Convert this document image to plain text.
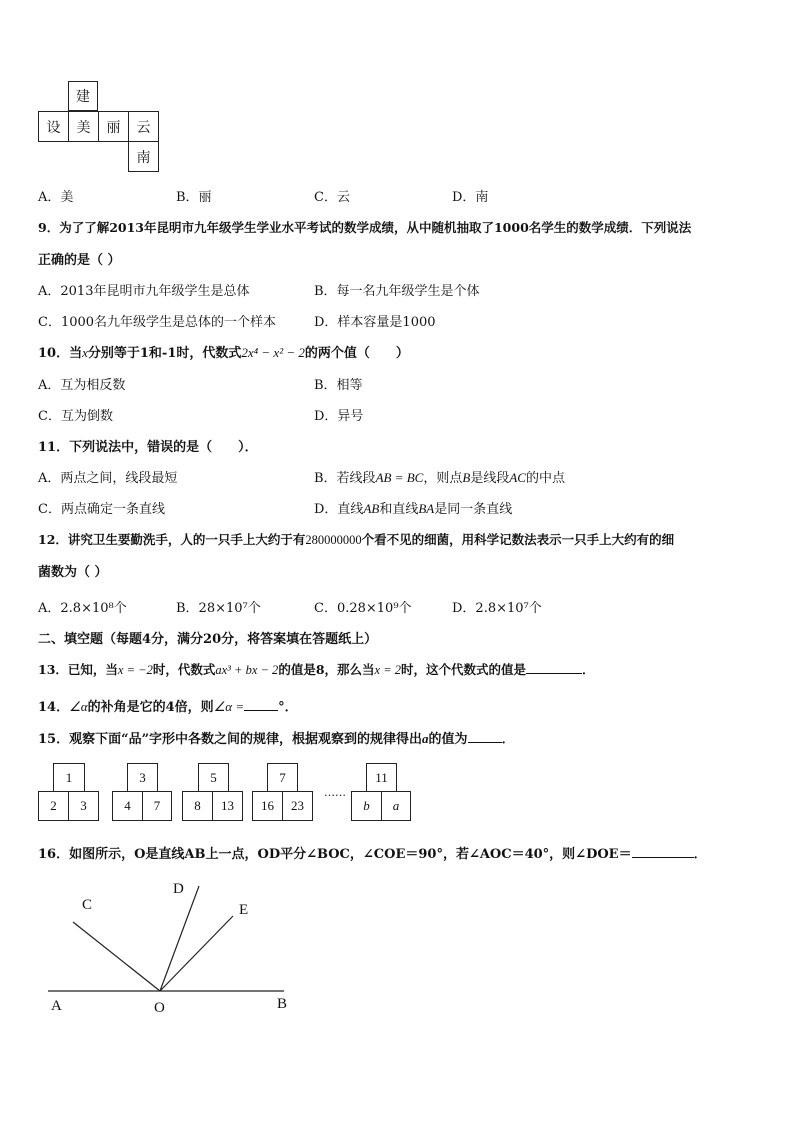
建
设	美	丽	云
南
A．美	B．丽	C．云	D．南
9．为了了解2013年昆明市九年级学生学业水平考试的数学成绩，从中随机抽取了1000名学生的数学成绩．下列说法
正确的是（ ）
A．2013年昆明市九年级学生是总体	B．每一名九年级学生是个体
C．1000名九年级学生是总体的一个样本	D．样本容量是1000
10．当x分别等于1和-1时，代数式2x⁴ − x² − 2的两个值（　　）
A．互为相反数	B．相等
C．互为倒数	D．异号
11．下列说法中，错误的是（　　）．
A．两点之间，线段最短	B．若线段AB = BC，则点B是线段AC的中点
C．两点确定一条直线	D．直线AB和直线BA是同一条直线
12．讲究卫生要勤洗手，人的一只手上大约于有280000000个看不见的细菌，用科学记数法表示一只手上大约有的细
菌数为（ ）
A．2.8×10⁸个	B．28×10⁷个	C．0.28×10⁹个	D．2.8×10⁷个
二、填空题（每题4分，满分20分，将答案填在答题纸上）
13．已知，当x = −2时，代数式ax³ + bx − 2的值是8，那么当x = 2时，这个代数式的值是	．
14．∠α的补角是它的4倍，则∠α =	°．
15．观察下面“品”字形中各数之间的规律，根据观察到的规律得出a的值为	．
1
2	3
3
4	7
5
8	13
7
16	23
……
11
b	a
16．如图所示，O是直线AB上一点，OD平分∠BOC，∠COE＝90°，若∠AOC＝40°，则∠DOE＝	．
A	B
C
D
E
O
